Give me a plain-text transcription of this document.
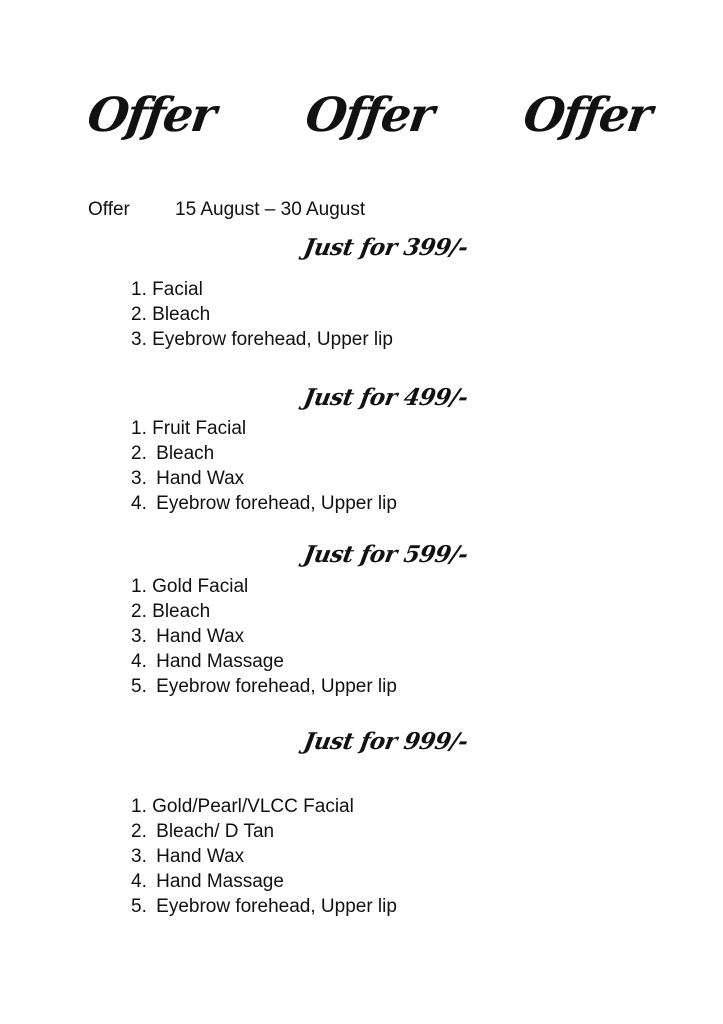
Offer Offer Offer
Offer 15 August – 30 August
Just for 399/-
1. Facial
2. Bleach
3. Eyebrow forehead, Upper lip
Just for 499/-
1. Fruit Facial
2. Bleach
3. Hand Wax
4. Eyebrow forehead, Upper lip
Just for 599/-
1. Gold Facial
2. Bleach
3. Hand Wax
4. Hand Massage
5. Eyebrow forehead, Upper lip
Just for 999/-
1. Gold/Pearl/VLCC Facial
2. Bleach/ D Tan
3. Hand Wax
4. Hand Massage
5. Eyebrow forehead, Upper lip
